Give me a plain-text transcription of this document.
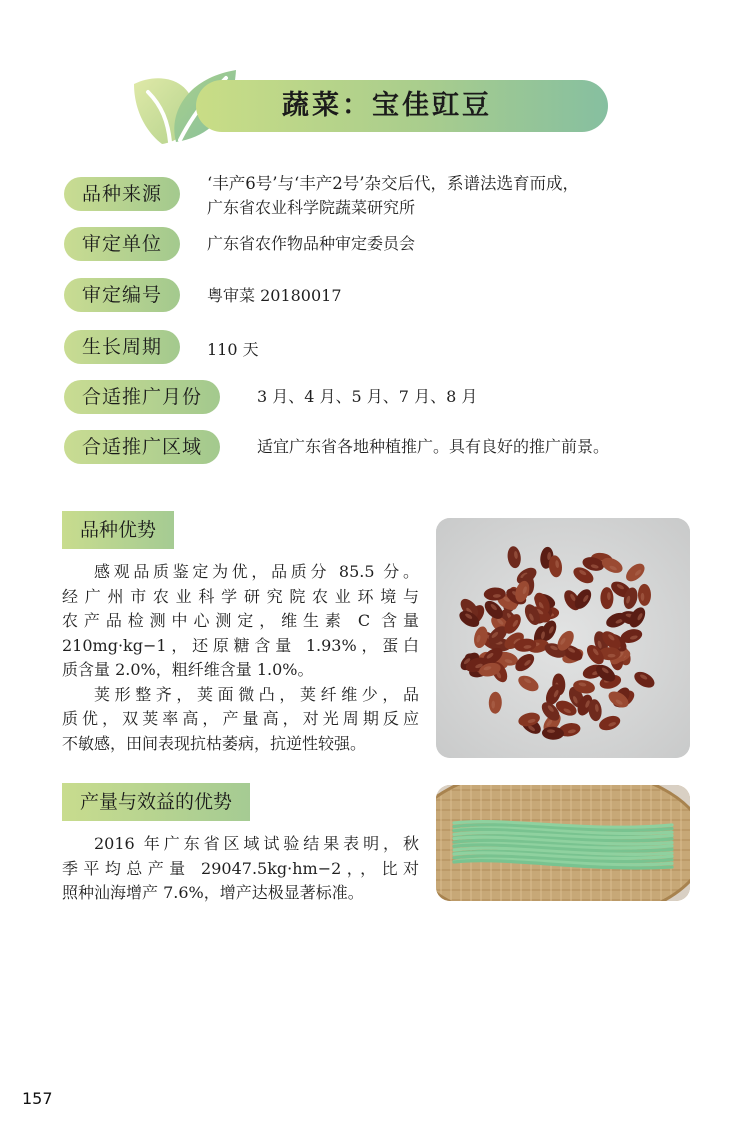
蔬菜：宝佳豇豆
品种来源	‘丰产6号’与‘丰产2号’杂交后代，系谱法选育而成，
广东省农业科学院蔬菜研究所
审定单位	广东省农作物品种审定委员会
审定编号	粤审菜 20180017
生长周期	110 天
合适推广月份	3 月、4 月、5 月、7 月、8 月
合适推广区域	适宜广东省各地种植推广。具有良好的推广前景。
品种优势

感观品质鉴定为优，品质分 85.5 分。

经广州市农业科学研究院农业环境与

农产品检测中心测定，维生素 C 含量

210mg·kg−1，还原糖含量 1.93%，蛋白

质含量 2.0%，粗纤维含量 1.0%。

荚形整齐，荚面微凸，荚纤维少，品

质优，双荚率高，产量高，对光周期反应

不敏感，田间表现抗枯萎病，抗逆性较强。

产量与效益的优势

2016 年广东省区域试验结果表明，秋

季平均总产量 29047.5kg·hm−2，，比对

照种汕海增产 7.6%，增产达极显著标准。

157
